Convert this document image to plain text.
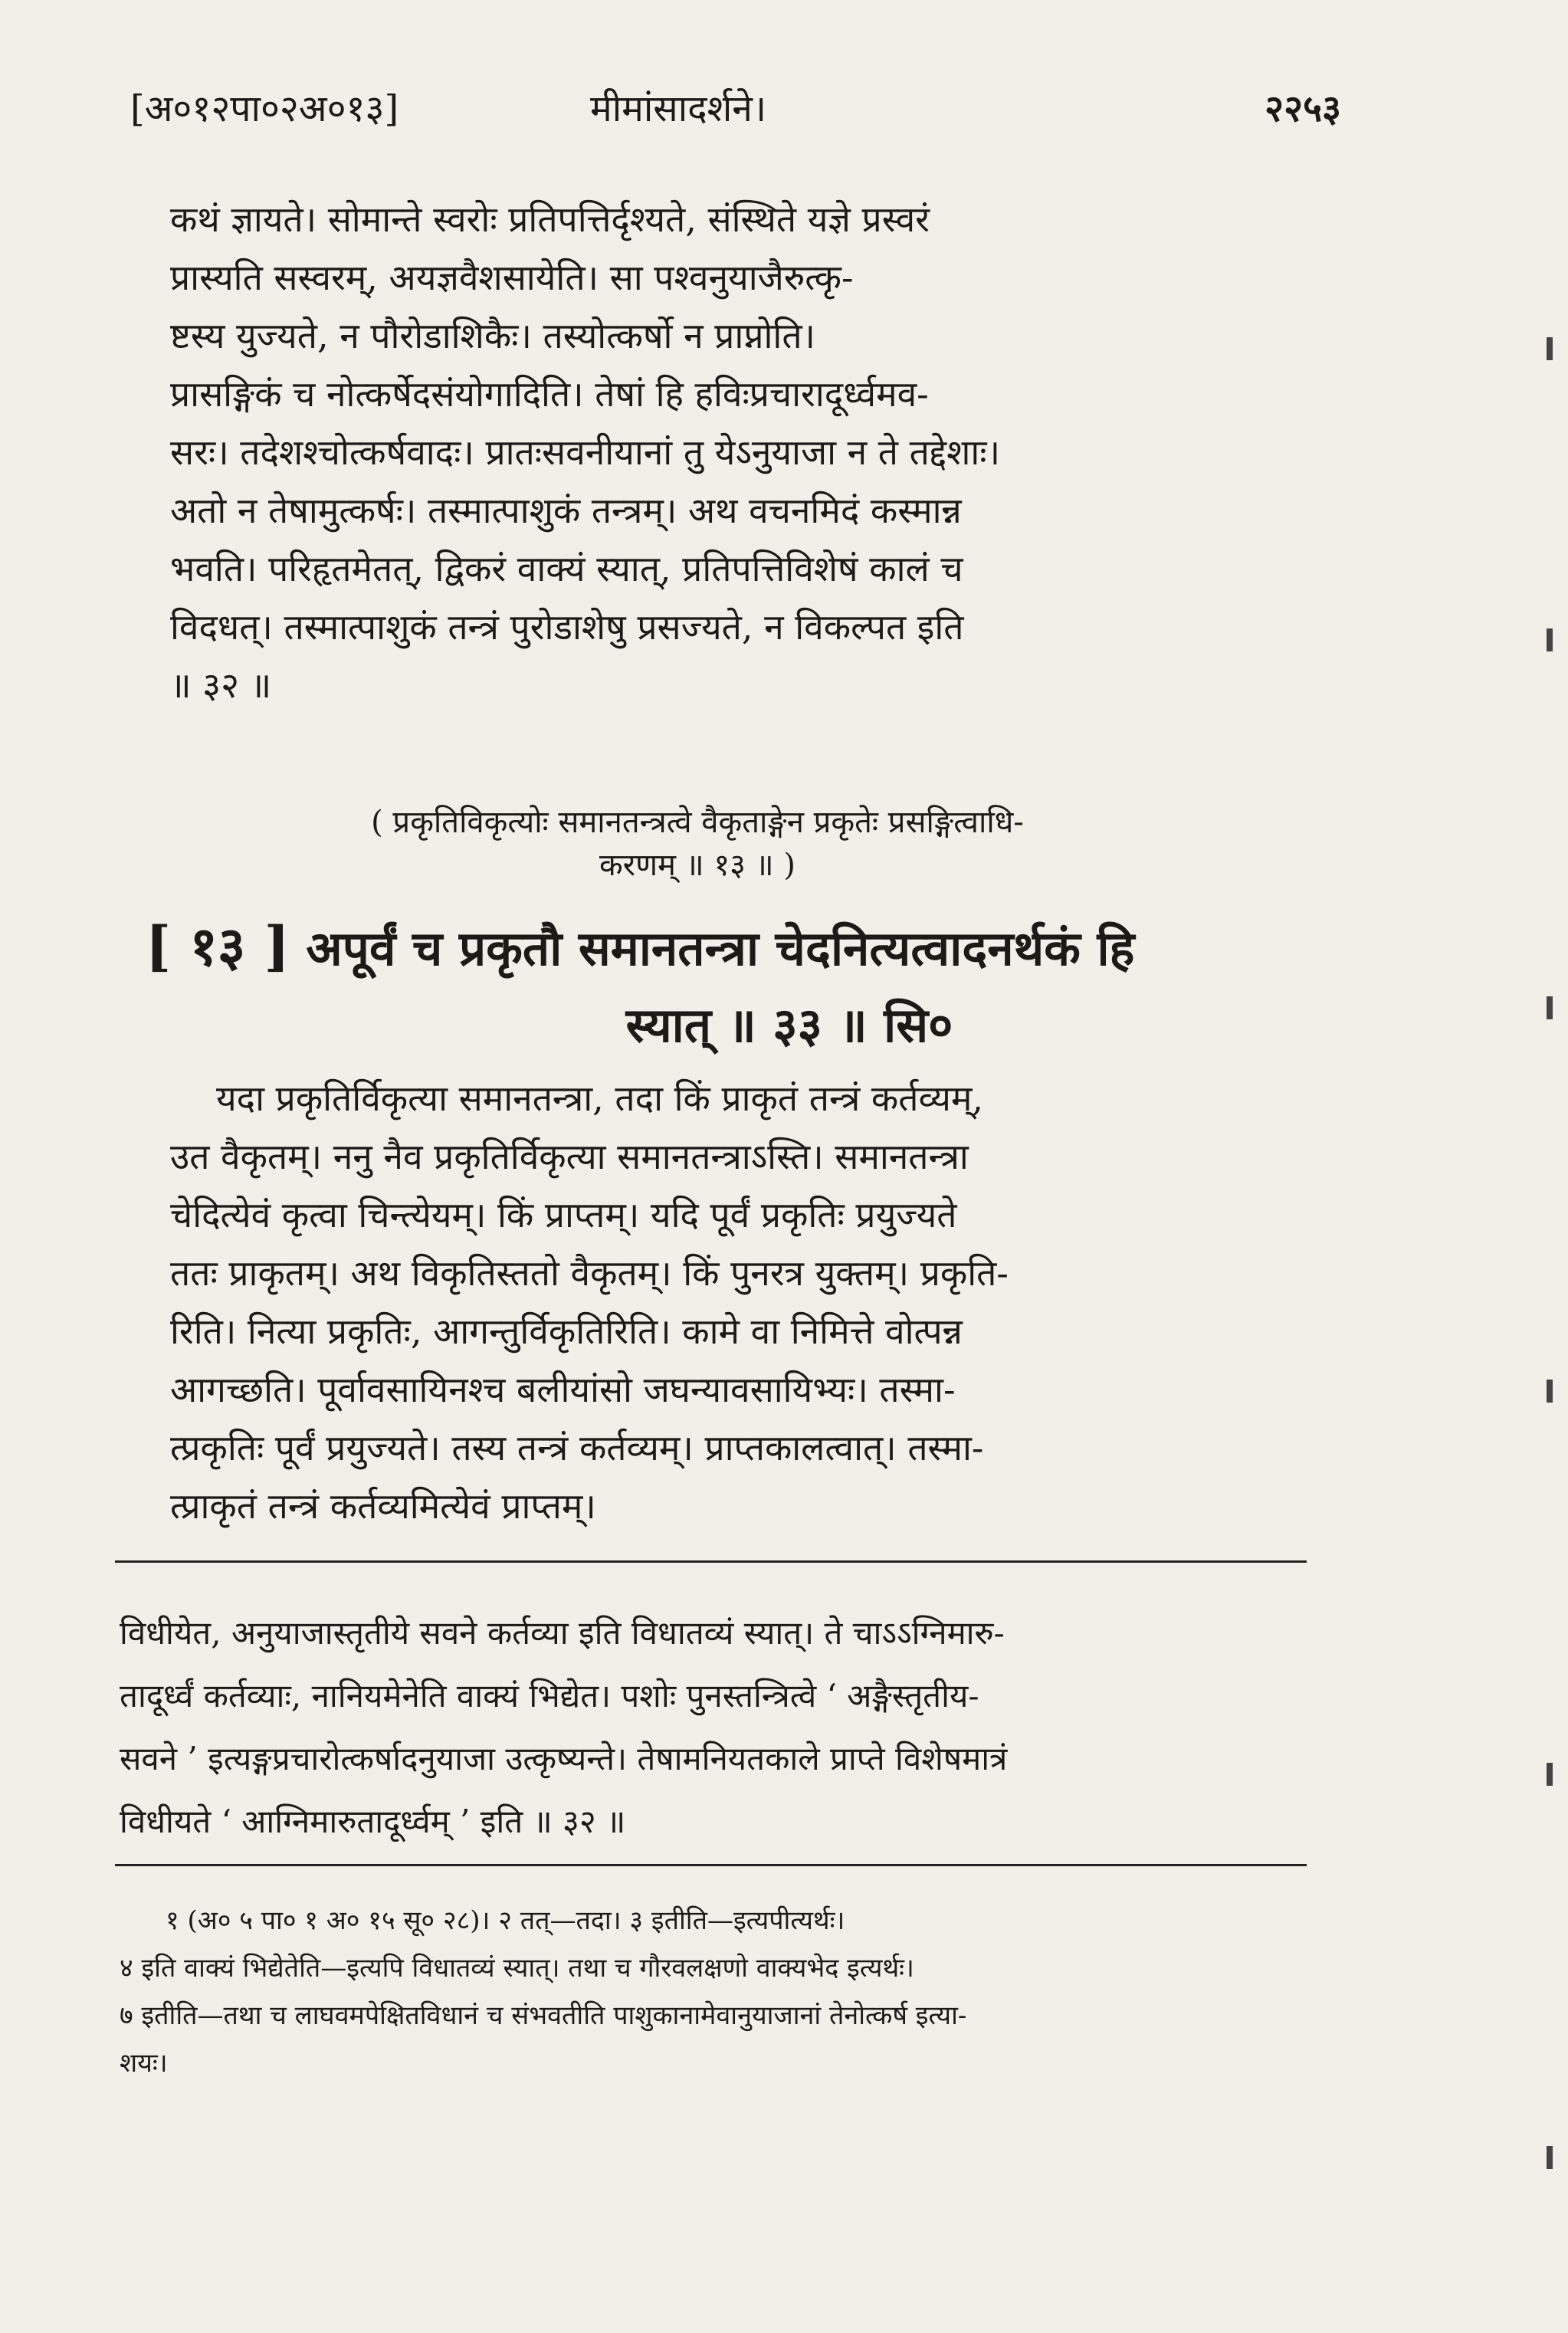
[अ०१२पा०२अ०१३]	मीमांसादर्शने।	२२५३

कथं ज्ञायते। सोमान्ते स्वरोः प्रतिपत्तिर्दृश्यते, संस्थिते यज्ञे प्रस्वरं

प्रास्यति सस्वरम्, अयज्ञवैशसायेति। सा पश्वनुयाजैरुत्कृ-

ष्टस्य युज्यते, न पौरोडाशिकैः। तस्योत्कर्षो न प्राप्नोति।

प्रासङ्गिकं च नोत्कर्षेदसंयोगादिति। तेषां हि हविःप्रचारादूर्ध्वमव-

सरः। तदेशश्चोत्कर्षवादः। प्रातःसवनीयानां तु येऽनुयाजा न ते तद्देशाः।

अतो न तेषामुत्कर्षः। तस्मात्पाशुकं तन्त्रम्। अथ वचनमिदं कस्मान्न

भवति। परिहृतमेतत्, द्विकरं वाक्यं स्यात्, प्रतिपत्तिविशेषं कालं च

विदधत्। तस्मात्पाशुकं तन्त्रं पुरोडाशेषु प्रसज्यते, न विकल्पत इति

॥ ३२ ॥

( प्रकृतिविकृत्योः समानतन्त्रत्वे वैकृताङ्गेन प्रकृतेः प्रसङ्गित्वाधि-
करणम् ॥ १३ ॥ )
[ १३ ] अपूर्वं च प्रकृतौ समानतन्त्रा चेदनित्यत्वादनर्थकं हि
स्यात् ॥ ३३ ॥ सि०

यदा प्रकृतिर्विकृत्या समानतन्त्रा, तदा किं प्राकृतं तन्त्रं कर्तव्यम्,

उत वैकृतम्। ननु नैव प्रकृतिर्विकृत्या समानतन्त्राऽस्ति। समानतन्त्रा

चेदित्येवं कृत्वा चिन्त्येयम्। किं प्राप्तम्। यदि पूर्वं प्रकृतिः प्रयुज्यते

ततः प्राकृतम्। अथ विकृतिस्ततो वैकृतम्। किं पुनरत्र युक्तम्। प्रकृति-

रिति। नित्या प्रकृतिः, आगन्तुर्विकृतिरिति। कामे वा निमित्ते वोत्पन्न

आगच्छति। पूर्वावसायिनश्च बलीयांसो जघन्यावसायिभ्यः। तस्मा-

त्प्रकृतिः पूर्वं प्रयुज्यते। तस्य तन्त्रं कर्तव्यम्। प्राप्तकालत्वात्। तस्मा-

त्प्राकृतं तन्त्रं कर्तव्यमित्येवं प्राप्तम्।

विधीयेत, अनुयाजास्तृतीये सवने कर्तव्या इति विधातव्यं स्यात्। ते चाऽऽग्निमारु-

तादूर्ध्वं कर्तव्याः, नानियमेनेति वाक्यं भिद्येत। पशोः पुनस्तन्त्रित्वे ‘ अङ्गैस्तृतीय-

सवने ’ इत्यङ्गप्रचारोत्कर्षादनुयाजा उत्कृष्यन्ते। तेषामनियतकाले प्राप्ते विशेषमात्रं

विधीयते ‘ आग्निमारुतादूर्ध्वम् ’ इति ॥ ३२ ॥

१ (अ० ५ पा० १ अ० १५ सू० २८)। २ तत्—तदा। ३ इतीति—इत्यपीत्यर्थः।

४ इति वाक्यं भिद्येतेति—इत्यपि विधातव्यं स्यात्। तथा च गौरवलक्षणो वाक्यभेद इत्यर्थः।

७ इतीति—तथा च लाघवमपेक्षितविधानं च संभवतीति पाशुकानामेवानुयाजानां तेनोत्कर्ष इत्या-

शयः।
